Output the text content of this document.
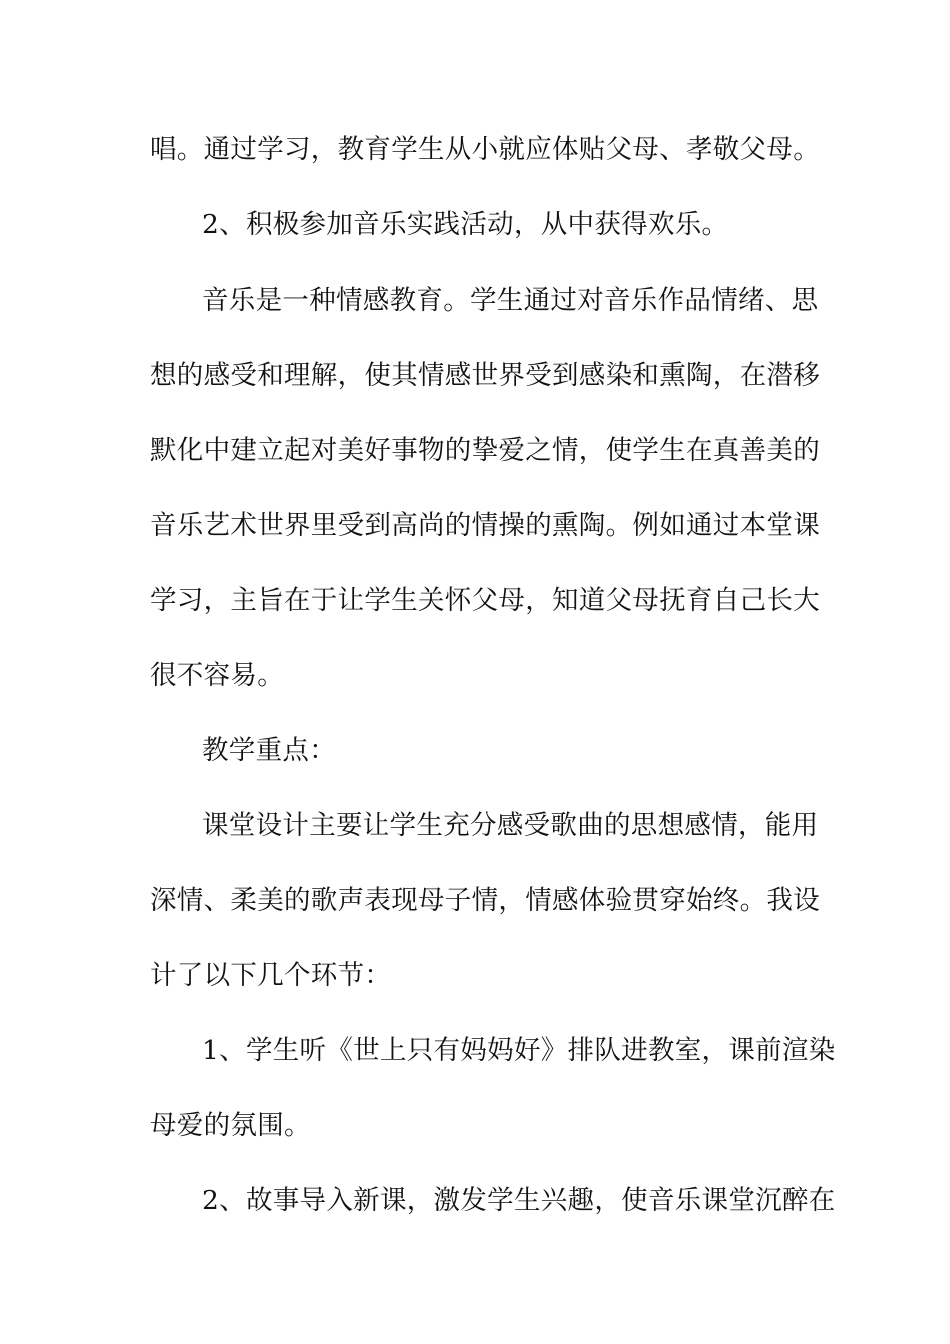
唱。通过学习，教育学生从小就应体贴父母、孝敬父母。
2、积极参加音乐实践活动，从中获得欢乐。
音乐是一种情感教育。学生通过对音乐作品情绪、思
想的感受和理解，使其情感世界受到感染和熏陶，在潜移
默化中建立起对美好事物的挚爱之情，使学生在真善美的
音乐艺术世界里受到高尚的情操的熏陶。例如通过本堂课
学习，主旨在于让学生关怀父母，知道父母抚育自己长大
很不容易。
教学重点：
课堂设计主要让学生充分感受歌曲的思想感情，能用
深情、柔美的歌声表现母子情，情感体验贯穿始终。我设
计了以下几个环节：
1、学生听《世上只有妈妈好》排队进教室，课前渲染
母爱的氛围。
2、故事导入新课，激发学生兴趣，使音乐课堂沉醉在
